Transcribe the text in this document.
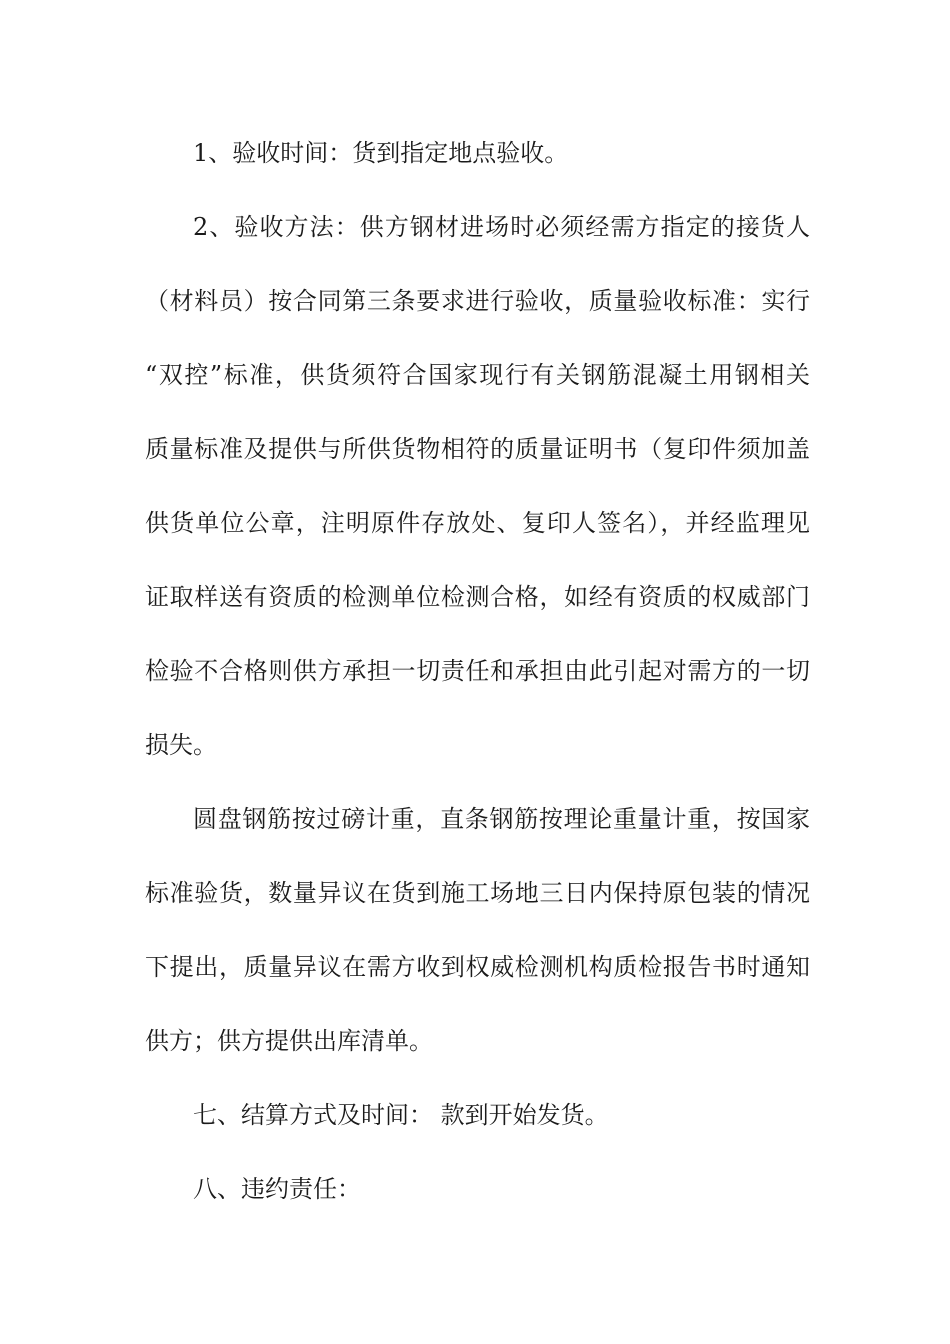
1、验收时间：货到指定地点验收。
2、验收方法：供方钢材进场时必须经需方指定的接货人
（材料员）按合同第三条要求进行验收，质量验收标准：实行
“双控”标准，供货须符合国家现行有关钢筋混凝土用钢相关
质量标准及提供与所供货物相符的质量证明书（复印件须加盖
供货单位公章，注明原件存放处、复印人签名），并经监理见
证取样送有资质的检测单位检测合格，如经有资质的权威部门
检验不合格则供方承担一切责任和承担由此引起对需方的一切
损失。
圆盘钢筋按过磅计重，直条钢筋按理论重量计重，按国家
标准验货，数量异议在货到施工场地三日内保持原包装的情况
下提出，质量异议在需方收到权威检测机构质检报告书时通知
供方；供方提供出库清单。
七、结算方式及时间： 款到开始发货。
八、违约责任：
